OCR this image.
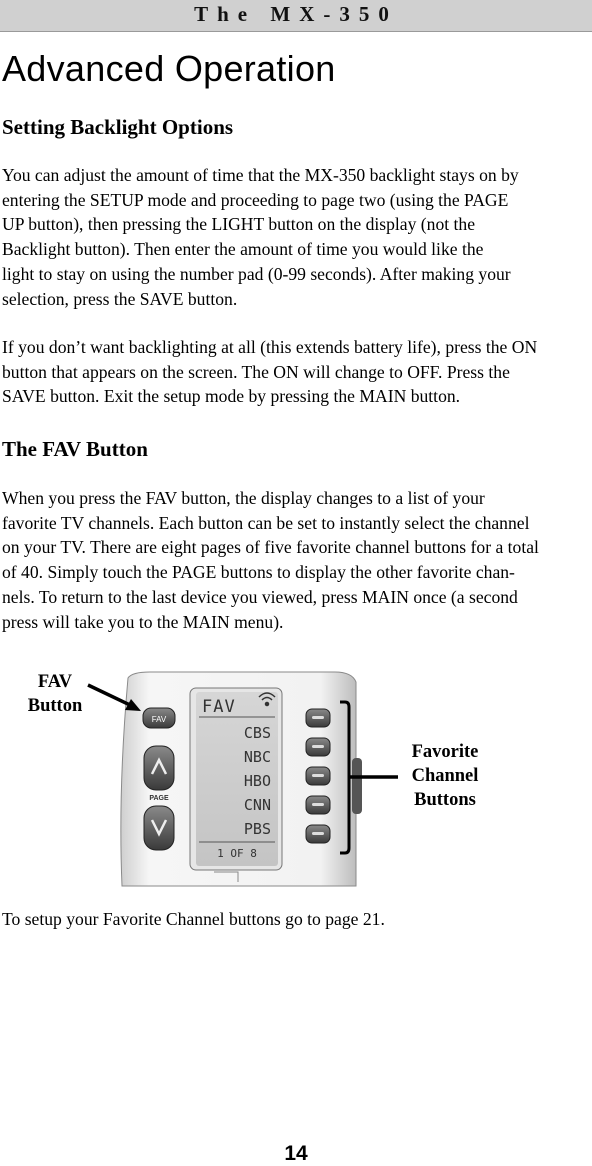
The MX-350
Advanced Operation
Setting Backlight Options

You can adjust the amount of time that the MX-350 backlight stays on by
entering the SETUP mode and proceeding to page two (using the PAGE
UP button), then pressing the LIGHT button on the display (not the
Backlight button). Then enter the amount of time you would like the
light to stay on using the number pad (0-99 seconds). After making your
selection, press the SAVE button.

If you don’t want backlighting at all (this extends battery life), press the ON
button that appears on the screen. The ON will change to OFF. Press the
SAVE button. Exit the setup mode by pressing the MAIN button.

The FAV Button

When you press the FAV button, the display changes to a list of your
favorite TV channels. Each button can be set to instantly select the channel
on your TV. There are eight pages of five favorite channel buttons for a total
of 40. Simply touch the PAGE buttons to display the other favorite chan-
nels. To return to the last device you viewed, press MAIN once (a second
press will take you to the MAIN menu).

FAV
Button
Favorite
Channel
Buttons
FAV
PAGE
FAV
CBS
NBC
HBO
CNN
PBS
1 OF 8

To setup your Favorite Channel buttons go to page 21.

14
